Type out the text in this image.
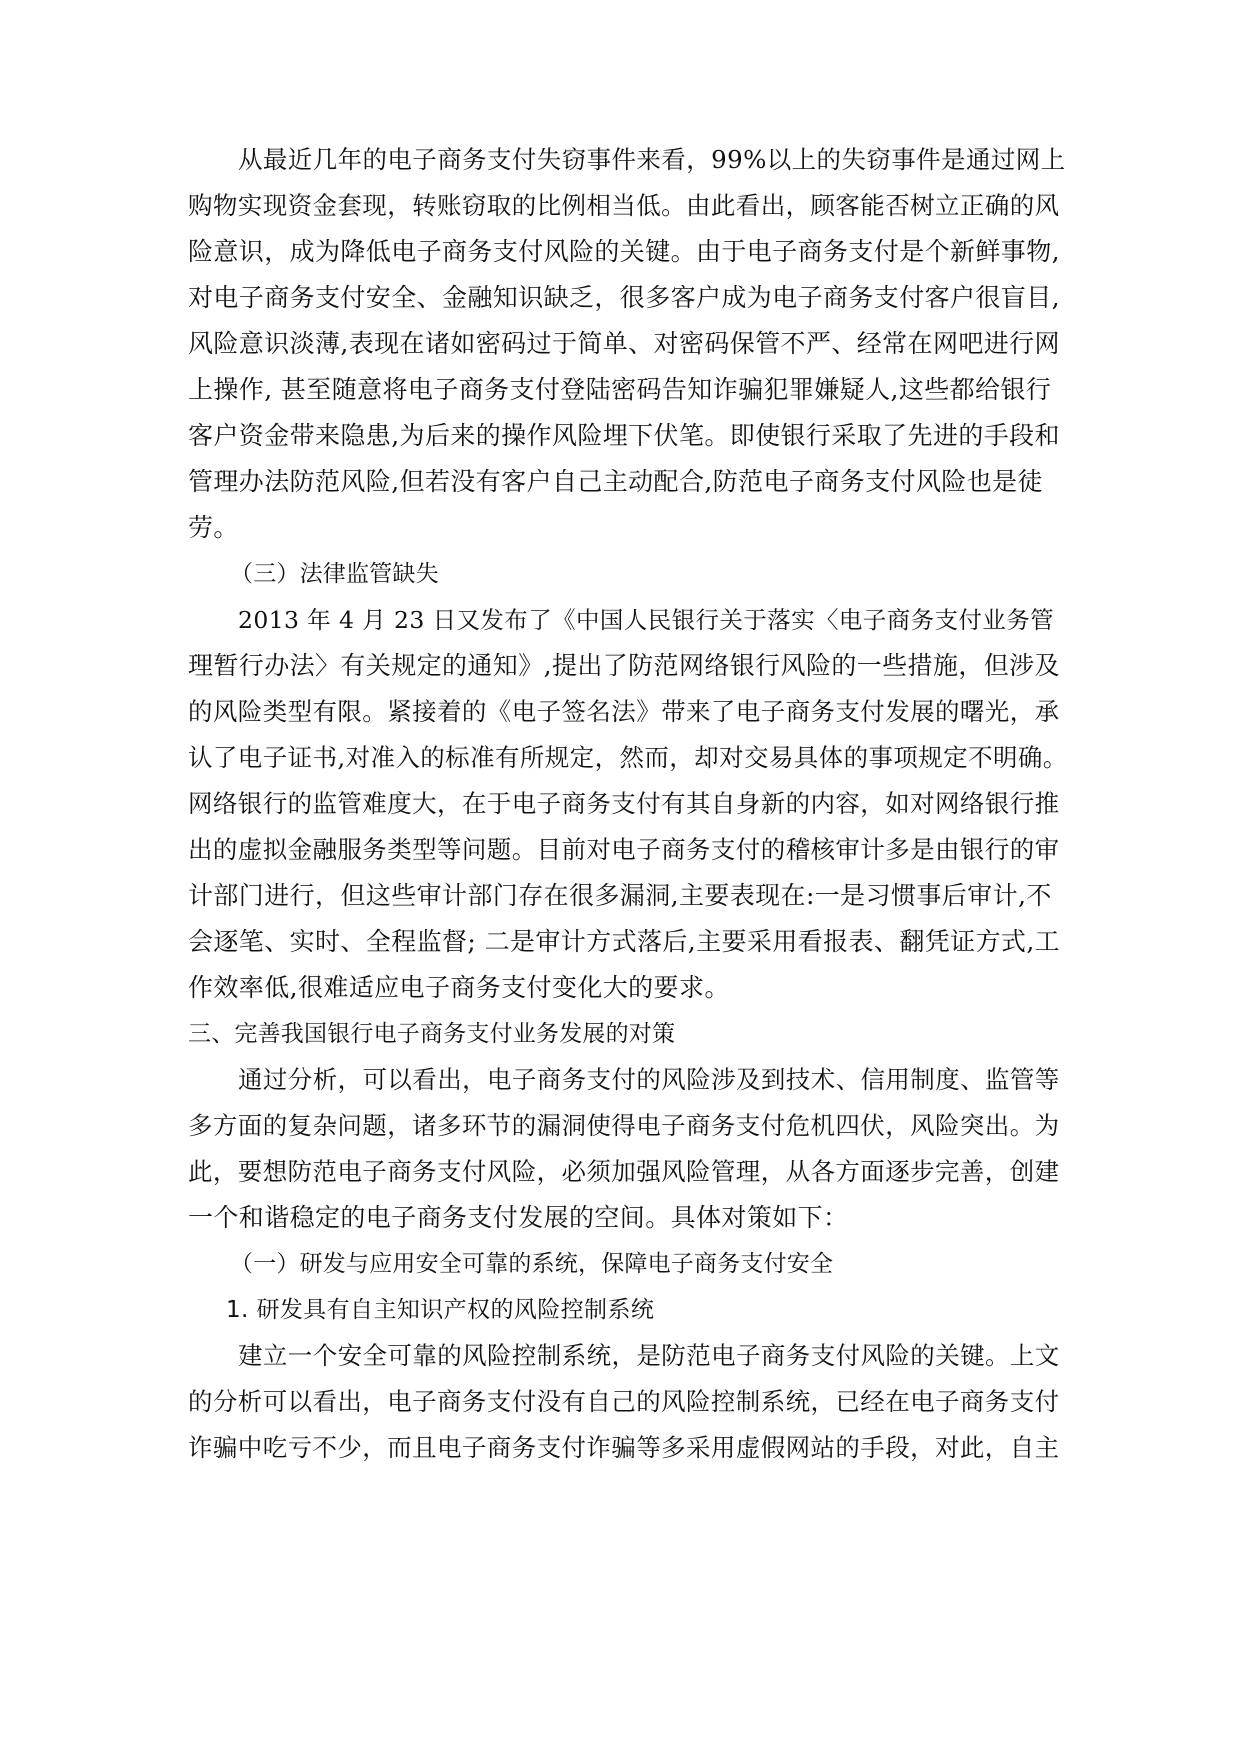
从最近几年的电子商务支付失窃事件来看，99%以上的失窃事件是通过网上
购物实现资金套现，转账窃取的比例相当低。由此看出，顾客能否树立正确的风
险意识，成为降低电子商务支付风险的关键。由于电子商务支付是个新鲜事物,
对电子商务支付安全、金融知识缺乏，很多客户成为电子商务支付客户很盲目,
风险意识淡薄,表现在诸如密码过于简单、对密码保管不严、经常在网吧进行网
上操作, 甚至随意将电子商务支付登陆密码告知诈骗犯罪嫌疑人,这些都给银行
客户资金带来隐患,为后来的操作风险埋下伏笔。即使银行采取了先进的手段和
管理办法防范风险,但若没有客户自己主动配合,防范电子商务支付风险也是徒
劳。
（三）法律监管缺失
2013 年 4 月 23 日又发布了《中国人民银行关于落实〈电子商务支付业务管
理暂行办法〉有关规定的通知》,提出了防范网络银行风险的一些措施，但涉及
的风险类型有限。紧接着的《电子签名法》带来了电子商务支付发展的曙光，承
认了电子证书,对准入的标准有所规定，然而，却对交易具体的事项规定不明确。
网络银行的监管难度大，在于电子商务支付有其自身新的内容，如对网络银行推
出的虚拟金融服务类型等问题。目前对电子商务支付的稽核审计多是由银行的审
计部门进行，但这些审计部门存在很多漏洞,主要表现在:一是习惯事后审计,不
会逐笔、实时、全程监督; 二是审计方式落后,主要采用看报表、翻凭证方式,工
作效率低,很难适应电子商务支付变化大的要求。
三、完善我国银行电子商务支付业务发展的对策
通过分析，可以看出，电子商务支付的风险涉及到技术、信用制度、监管等
多方面的复杂问题，诸多环节的漏洞使得电子商务支付危机四伏，风险突出。为
此，要想防范电子商务支付风险，必须加强风险管理，从各方面逐步完善，创建
一个和谐稳定的电子商务支付发展的空间。具体对策如下：
（一）研发与应用安全可靠的系统，保障电子商务支付安全
1. 研发具有自主知识产权的风险控制系统
建立一个安全可靠的风险控制系统，是防范电子商务支付风险的关键。上文
的分析可以看出，电子商务支付没有自己的风险控制系统，已经在电子商务支付
诈骗中吃亏不少，而且电子商务支付诈骗等多采用虚假网站的手段，对此，自主
